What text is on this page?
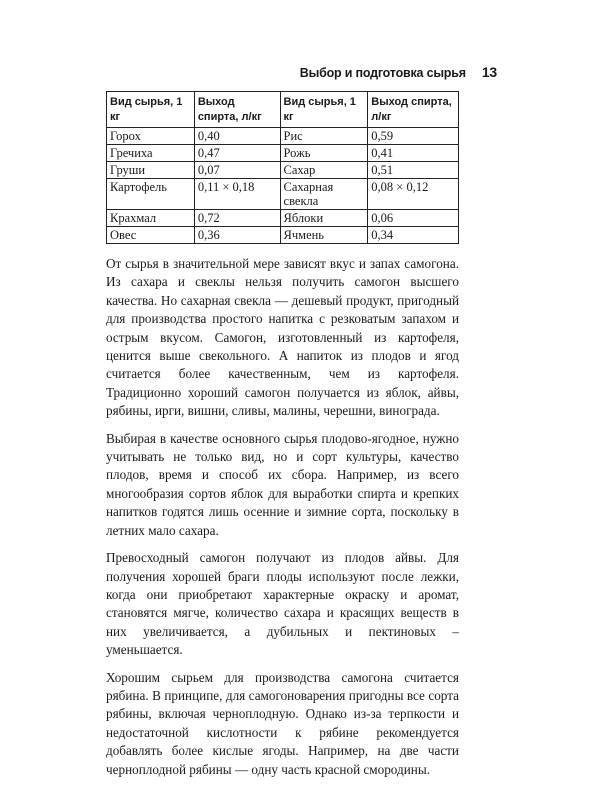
Выбор и подготовка сырья 13
Вид сырья, 1 кг	Выход спирта, л/кг	Вид сырья, 1 кг	Выход спирта, л/кг
Горох	0,40	Рис	0,59
Гречиха	0,47	Рожь	0,41
Груши	0,07	Сахар	0,51
Картофель	0,11 × 0,18	Сахарная свекла	0,08 × 0,12
Крахмал	0,72	Яблоки	0,06
Овес	0,36	Ячмень	0,34

От сырья в значительной мере зависят вкус и запах самогона. Из сахара и свеклы нельзя получить самогон высшего качества. Но сахарная свекла — дешевый продукт, пригодный для производства простого напитка с резковатым запахом и острым вкусом. Самогон, изготовленный из картофеля, ценится выше свекольного. А напиток из плодов и ягод считается более качественным, чем из картофеля. Традиционно хороший самогон получается из яблок, айвы, рябины, ирги, вишни, сливы, малины, черешни, винограда.

Выбирая в качестве основного сырья плодово-ягодное, нужно учитывать не только вид, но и сорт культуры, качество плодов, время и способ их сбора. Например, из всего многообразия сортов яблок для выработки спирта и крепких напитков годятся лишь осенние и зимние сорта, поскольку в летних мало сахара.

Превосходный самогон получают из плодов айвы. Для получения хорошей браги плоды используют после лежки, когда они приобретают характерные окраску и аромат, становятся мягче, количество сахара и красящих веществ в них увеличивается, а дубильных и пектиновых – уменьшается.

Хорошим сырьем для производства самогона считается рябина. В принципе, для самогоноварения пригодны все сорта рябины, включая черноплодную. Однако из-за терпкости и недостаточной кислотности к рябине рекомендуется добавлять более кислые ягоды. Например, на две части черноплодной рябины — одну часть красной смородины.
